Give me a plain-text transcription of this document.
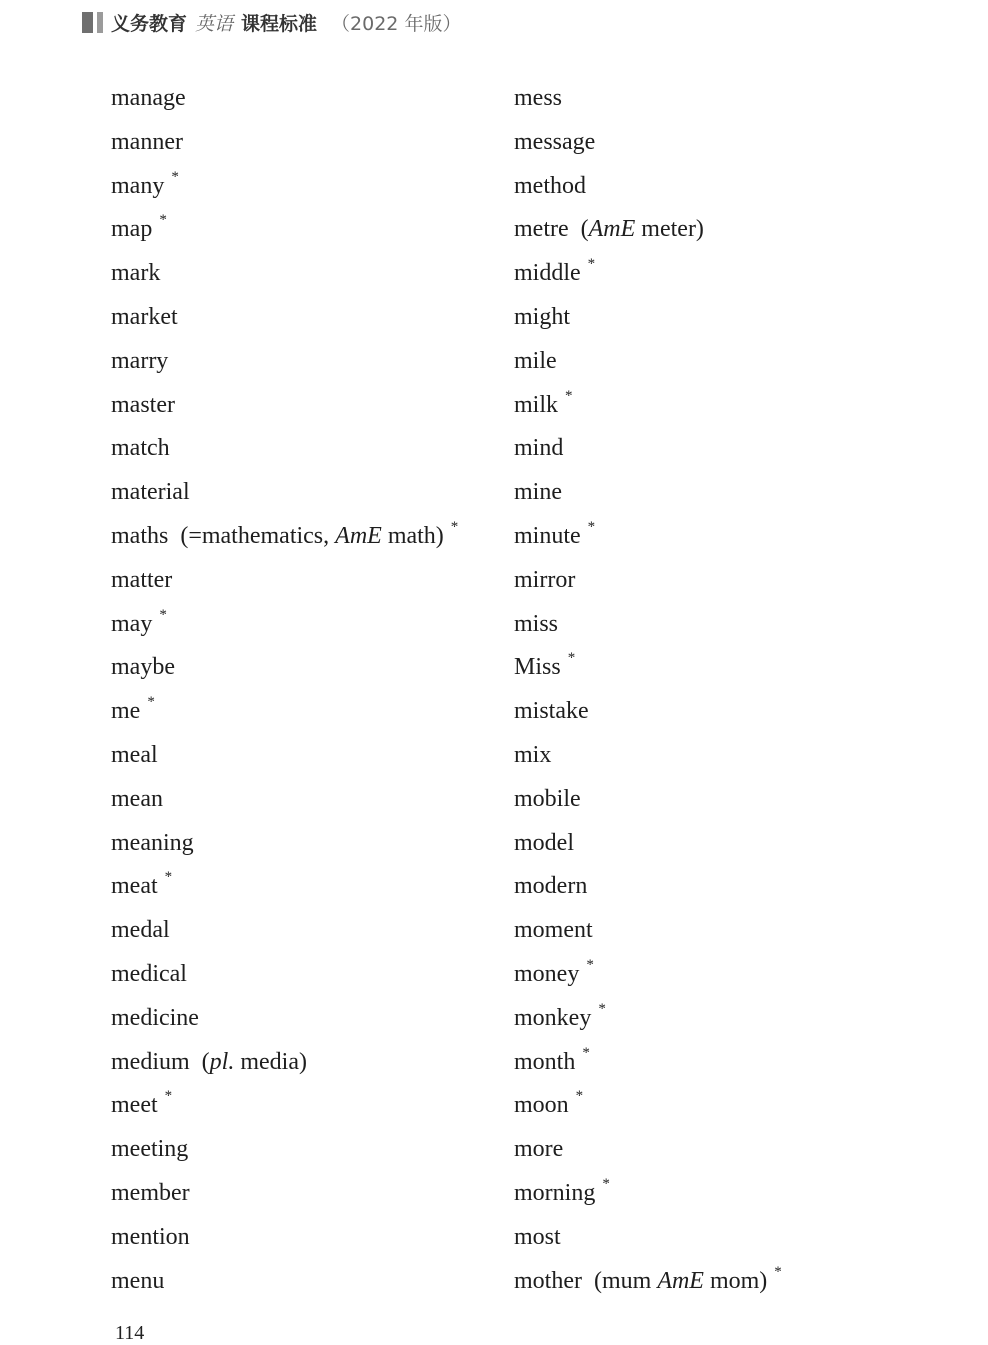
义务教育 英语 课程标准 （2022 年版）
manage
manner
many *
map *
mark
market
marry
master
match
material
maths (=mathematics, AmE math) *
matter
may *
maybe
me *
meal
mean
meaning
meat *
medal
medical
medicine
medium (pl. media)
meet *
meeting
member
mention
menu
mess
message
method
metre (AmE meter)
middle *
might
mile
milk *
mind
mine
minute *
mirror
miss
Miss *
mistake
mix
mobile
model
modern
moment
money *
monkey *
month *
moon *
more
morning *
most
mother (mum AmE mom) *
114
